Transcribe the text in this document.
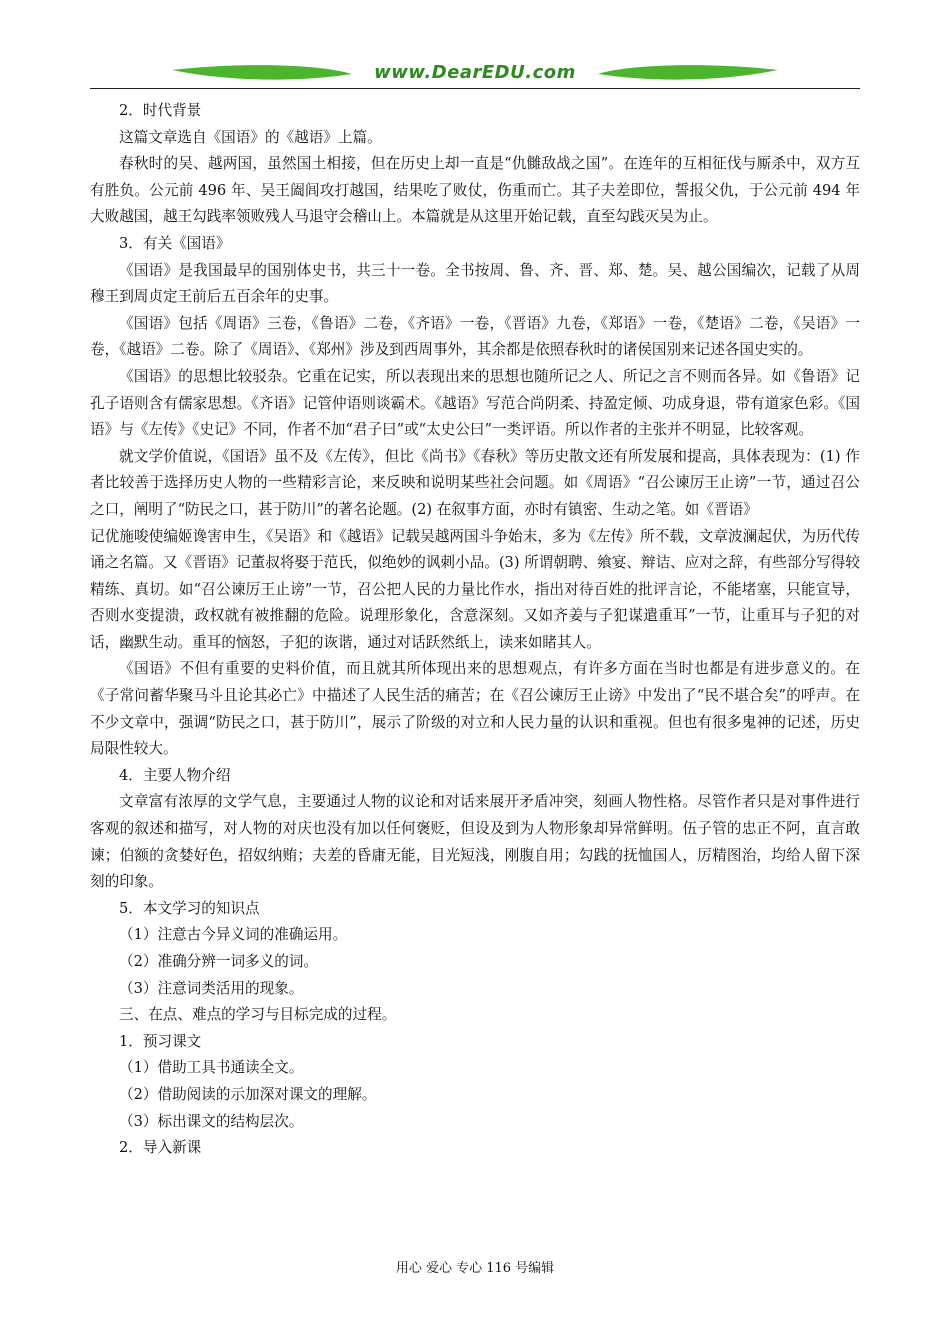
www.DearEDU.com

2．时代背景

这篇文章选自《国语》的《越语》上篇。

春秋时的吴、越两国，虽然国土相接，但在历史上却一直是“仇雠敌战之国”。在连年的互相征伐与厮杀中，双方互有胜负。公元前 496 年、吴王阖闾攻打越国，结果吃了败仗，伤重而亡。其子夫差即位，誓报父仇，于公元前 494 年大败越国，越王勾践率领败残人马退守会稽山上。本篇就是从这里开始记载，直至勾践灭吴为止。

3．有关《国语》

《国语》是我国最早的国别体史书，共三十一卷。全书按周、鲁、齐、晋、郑、楚。吴、越公国编次，记载了从周穆王到周贞定王前后五百余年的史事。

《国语》包括《周语》三卷，《鲁语》二卷，《齐语》一卷，《晋语》九卷，《郑语》一卷，《楚语》二卷，《吴语》一卷，《越语》二卷。除了《周语》、《郑州》涉及到西周事外，其余都是依照春秋时的诸侯国别来记述各国史实的。

《国语》的思想比较驳杂。它重在记实，所以表现出来的思想也随所记之人、所记之言不则而各异。如《鲁语》记孔子语则含有儒家思想。《齐语》记管仲语则谈霸术。《越语》写范合尚阴柔、持盈定倾、功成身退，带有道家色彩。《国语》与《左传》《史记》不同，作者不加“君子曰”或“太史公曰”一类评语。所以作者的主张并不明显，比较客观。

就文学价值说，《国语》虽不及《左传》，但比《尚书》《春秋》等历史散文还有所发展和提高，具体表现为：(1) 作者比较善于选择历史人物的一些精彩言论，来反映和说明某些社会问题。如《周语》“召公谏厉王止谤”一节，通过召公之口，阐明了“防民之口，甚于防川”的著名论题。(2) 在叙事方面，亦时有镇密、生动之笔。如《晋语》

记优施唆使编姬谗害申生，《吴语》和《越语》记载吴越两国斗争始末，多为《左传》所不载，文章波澜起伏，为历代传诵之名篇。又《晋语》记董叔将娶于范氏，似绝妙的讽刺小品。(3) 所谓朝聘、飨宴、辩诘、应对之辞，有些部分写得较精练、真切。如“召公谏厉王止谤”一节，召公把人民的力量比作水，指出对待百姓的批评言论，不能堵塞，只能宣导，否则水变提溃，政权就有被推翻的危险。说理形象化，含意深刻。又如齐姜与子犯谋遣重耳”一节，让重耳与子犯的对话，幽默生动。重耳的恼怒，子犯的诙谐，通过对话跃然纸上，读来如睹其人。

《国语》不但有重要的史料价值，而且就其所体现出来的思想观点，有许多方面在当时也都是有进步意义的。在《子常问蓄华聚马斗且论其必亡》中描述了人民生活的痛苦；在《召公谏厉王止谤》中发出了“民不堪合矣”的呼声。在不少文章中，强调“防民之口，甚于防川”，展示了阶级的对立和人民力量的认识和重视。但也有很多鬼神的记述，历史局限性较大。

4．主要人物介绍

文章富有浓厚的文学气息，主要通过人物的议论和对话来展开矛盾冲突，刻画人物性格。尽管作者只是对事件进行客观的叙述和描写，对人物的对庆也没有加以任何褒贬，但设及到为人物形象却异常鲜明。伍子管的忠正不阿，直言敢谏；伯额的贪婪好色，招奴纳贿；夫差的昏庸无能，目光短浅，刚腹自用；勾践的抚恤国人，厉精图治，均给人留下深刻的印象。

5．本文学习的知识点

（1）注意古今异义词的准确运用。

（2）准确分辨一词多义的词。

（3）注意词类活用的现象。

三、在点、难点的学习与目标完成的过程。

1．预习课文

（1）借助工具书通读全文。

（2）借助阅读的示加深对课文的理解。

（3）标出课文的结构层次。

2．导入新课

用心 爱心 专心 116 号编辑
